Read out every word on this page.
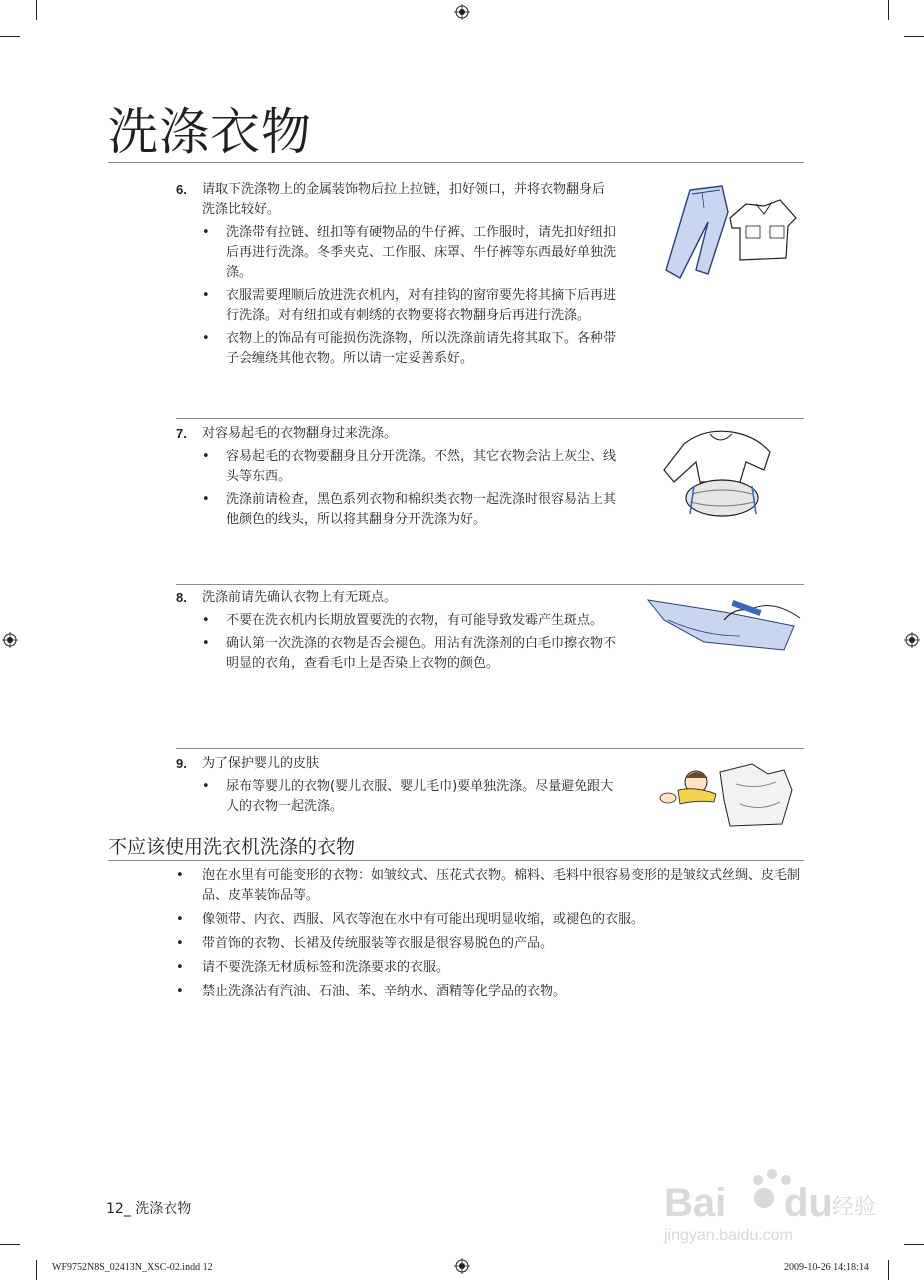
洗涤衣物
6.	请取下洗涤物上的金属装饰物后拉上拉链，扣好领口，并将衣物翻身后洗涤比较好。
• 洗涤带有拉链、纽扣等有硬物品的牛仔裤、工作服时，请先扣好纽扣后再进行洗涤。冬季夹克、工作服、床罩、牛仔裤等东西最好单独洗涤。
• 衣服需要理顺后放进洗衣机内，对有挂钩的窗帘要先将其摘下后再进行洗涤。对有纽扣或有刺绣的衣物要将衣物翻身后再进行洗涤。
• 衣物上的饰品有可能损伤洗涤物，所以洗涤前请先将其取下。各种带子会缠绕其他衣物。所以请一定妥善系好。
7.	对容易起毛的衣物翻身过来洗涤。
• 容易起毛的衣物要翻身且分开洗涤。不然，其它衣物会沾上灰尘、线头等东西。
• 洗涤前请检查，黑色系列衣物和棉织类衣物一起洗涤时很容易沾上其他颜色的线头，所以将其翻身分开洗涤为好。
8.	洗涤前请先确认衣物上有无斑点。
• 不要在洗衣机内长期放置要洗的衣物，有可能导致发霉产生斑点。
• 确认第一次洗涤的衣物是否会褪色。用沾有洗涤剂的白毛巾擦衣物不明显的衣角，查看毛巾上是否染上衣物的颜色。
9.	为了保护婴儿的皮肤
• 尿布等婴儿的衣物(婴儿衣服、婴儿毛巾)要单独洗涤。尽量避免跟大人的衣物一起洗涤。
不应该使用洗衣机洗涤的衣物
• 泡在水里有可能变形的衣物：如皱纹式、压花式衣物。棉料、毛料中很容易变形的是皱纹式丝绸、皮毛制品、皮革装饰品等。
• 像领带、内衣、西服、风衣等泡在水中有可能出现明显收缩，或褪色的衣服。
• 带首饰的衣物、长裙及传统服装等衣服是很容易脱色的产品。
• 请不要洗涤无材质标签和洗涤要求的衣服。
• 禁止洗涤沾有汽油、石油、苯、辛纳水、酒精等化学品的衣物。
12_ 洗涤衣物	Bai du 经验
jingyan.baidu.com
WF9752N8S_02413N_XSC-02.indd 12	2009-10-26 14:18:14
